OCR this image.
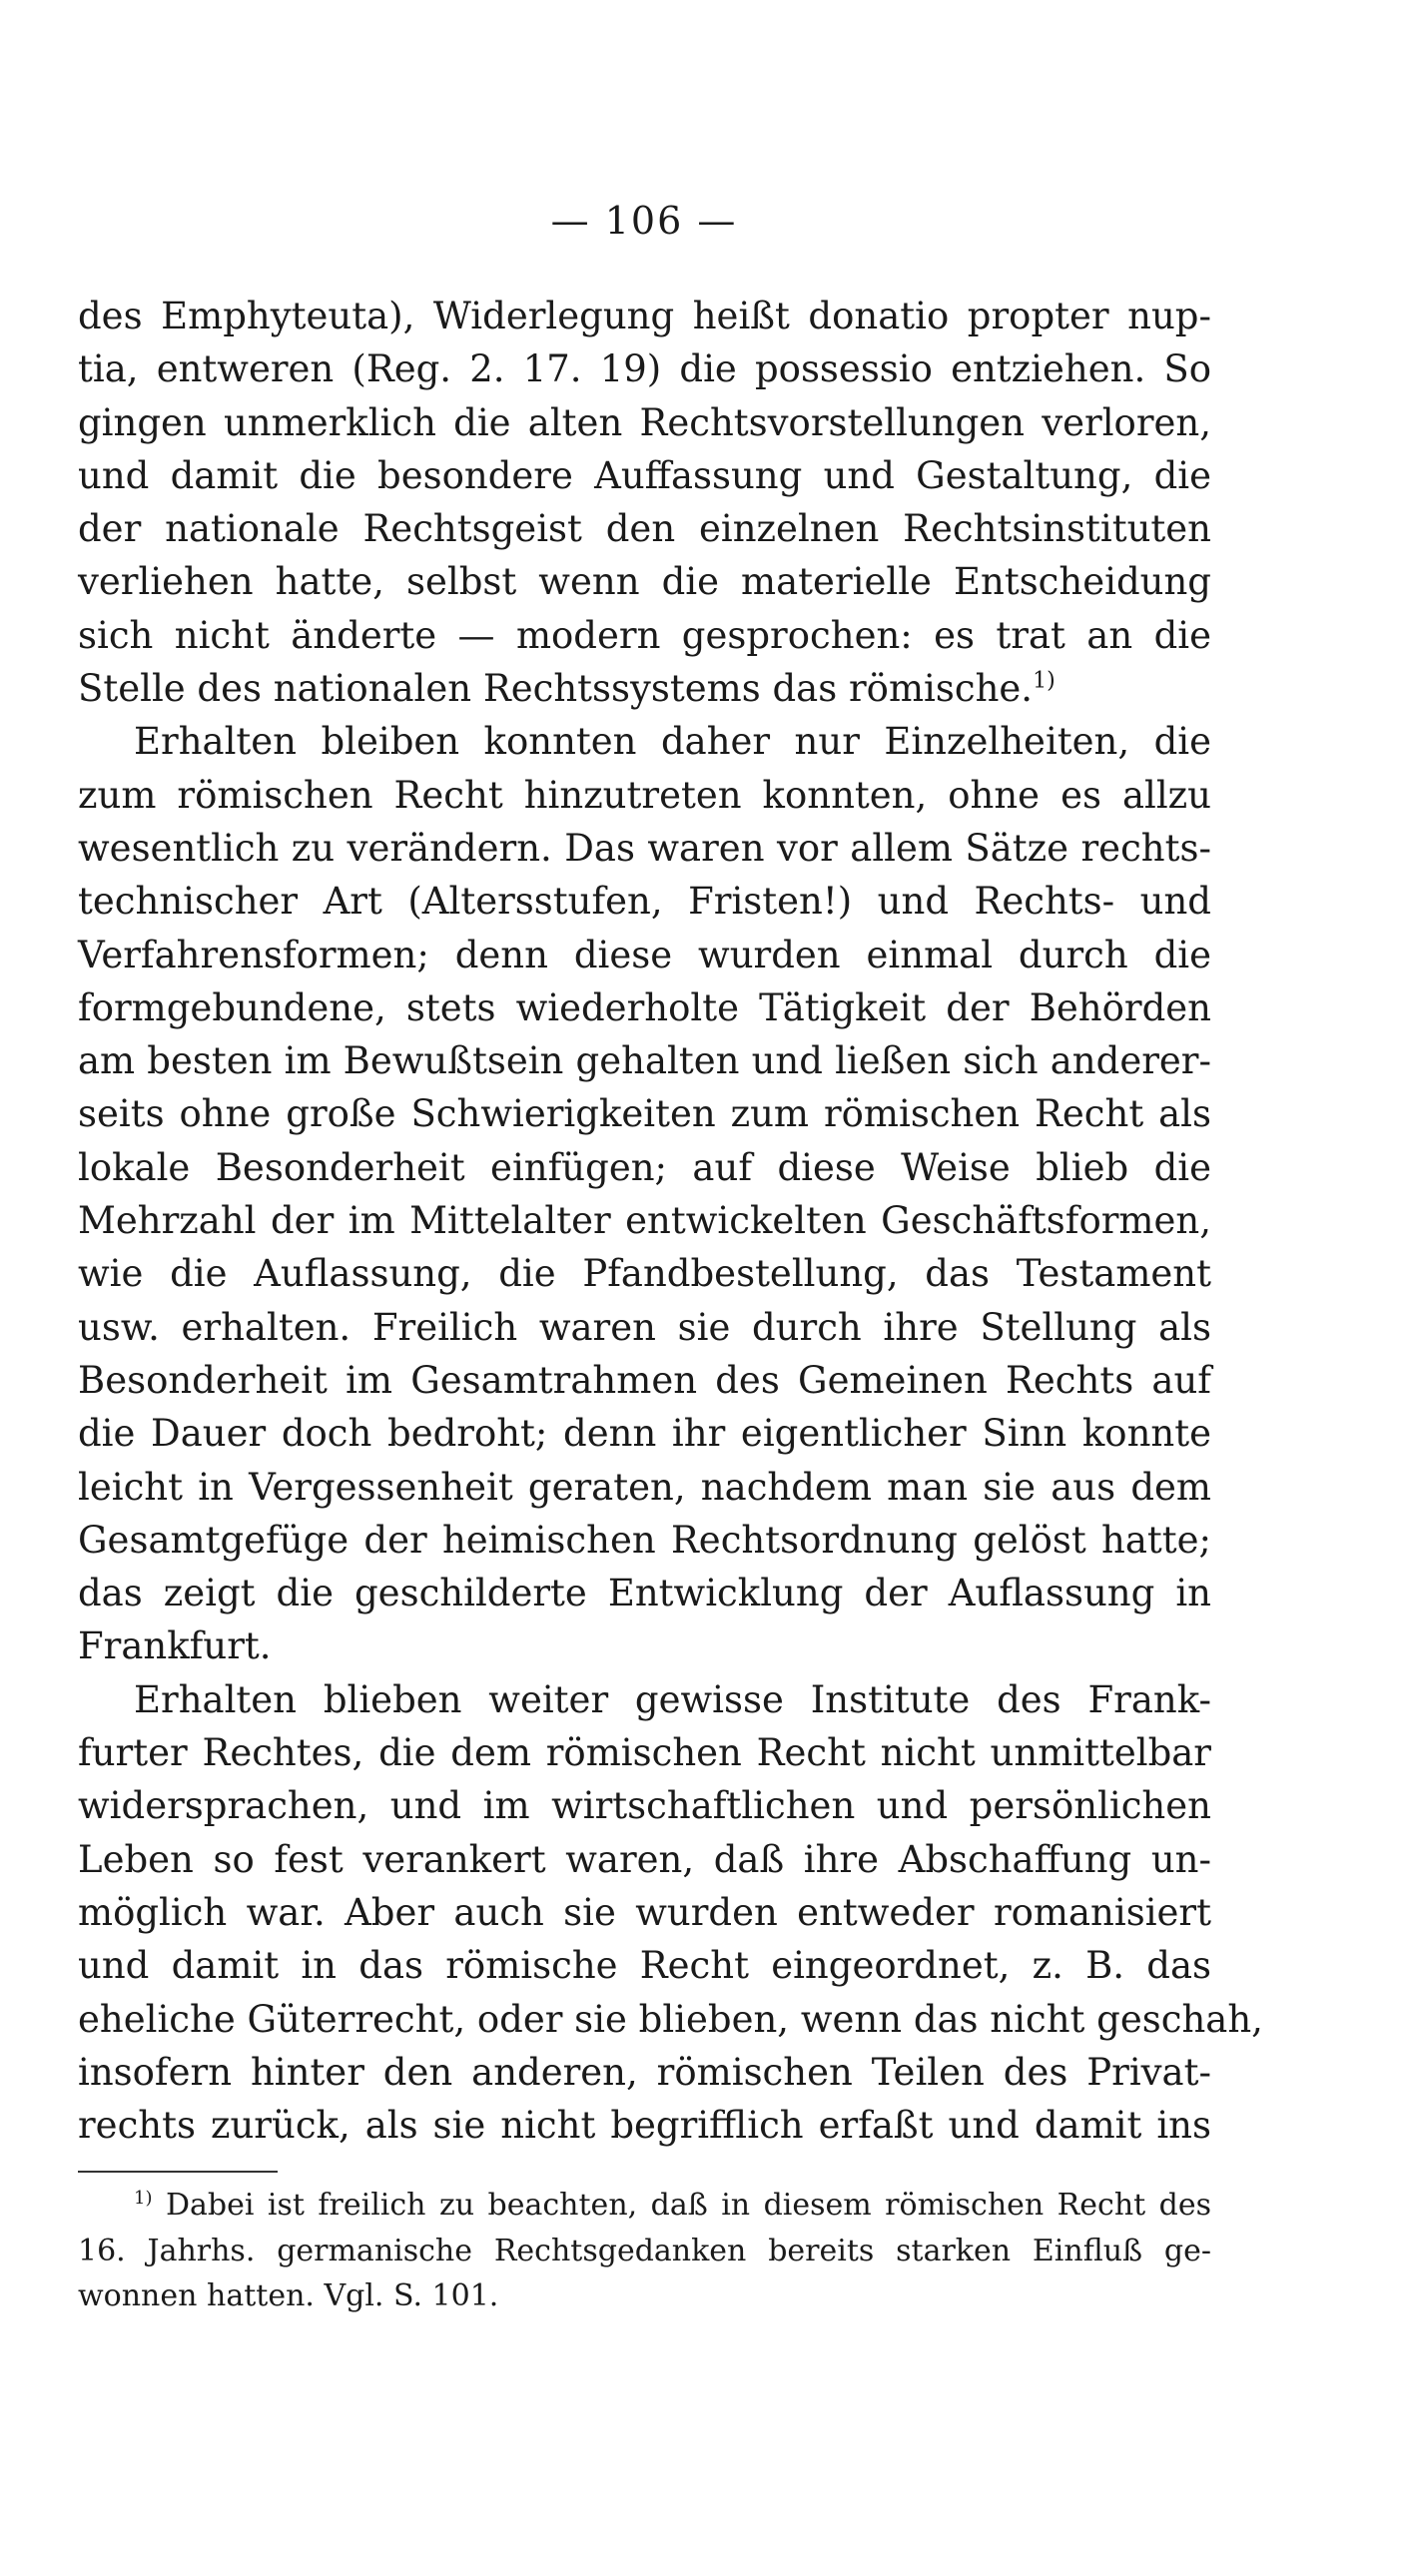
— 106 —
des Emphyteuta), Widerlegung heißt donatio propter nup-
tia, entweren (Reg. 2. 17. 19) die possessio entziehen. So
gingen unmerklich die alten Rechtsvorstellungen verloren,
und damit die besondere Auffassung und Gestaltung, die
der nationale Rechtsgeist den einzelnen Rechtsinstituten
verliehen hatte, selbst wenn die materielle Entscheidung
sich nicht änderte — modern gesprochen: es trat an die
Stelle des nationalen Rechtssystems das römische.$^{1)}$
Erhalten bleiben konnten daher nur Einzelheiten, die
zum römischen Recht hinzutreten konnten, ohne es allzu
wesentlich zu verändern. Das waren vor allem Sätze rechts-
technischer Art (Altersstufen, Fristen!) und Rechts- und
Verfahrensformen; denn diese wurden einmal durch die
formgebundene, stets wiederholte Tätigkeit der Behörden
am besten im Bewußtsein gehalten und ließen sich anderer-
seits ohne große Schwierigkeiten zum römischen Recht als
lokale Besonderheit einfügen; auf diese Weise blieb die
Mehrzahl der im Mittelalter entwickelten Geschäftsformen,
wie die Auflassung, die Pfandbestellung, das Testament
usw. erhalten. Freilich waren sie durch ihre Stellung als
Besonderheit im Gesamtrahmen des Gemeinen Rechts auf
die Dauer doch bedroht; denn ihr eigentlicher Sinn konnte
leicht in Vergessenheit geraten, nachdem man sie aus dem
Gesamtgefüge der heimischen Rechtsordnung gelöst hatte;
das zeigt die geschilderte Entwicklung der Auflassung in
Frankfurt.
Erhalten blieben weiter gewisse Institute des Frank-
furter Rechtes, die dem römischen Recht nicht unmittelbar
widersprachen, und im wirtschaftlichen und persönlichen
Leben so fest verankert waren, daß ihre Abschaffung un-
möglich war. Aber auch sie wurden entweder romanisiert
und damit in das römische Recht eingeordnet, z. B. das
eheliche Güterrecht, oder sie blieben, wenn das nicht geschah,
insofern hinter den anderen, römischen Teilen des Privat-
rechts zurück, als sie nicht begrifflich erfaßt und damit ins
$^{1)}$ Dabei ist freilich zu beachten, daß in diesem römischen Recht des
16. Jahrhs. germanische Rechtsgedanken bereits starken Einfluß ge-
wonnen hatten. Vgl. S. 101.
